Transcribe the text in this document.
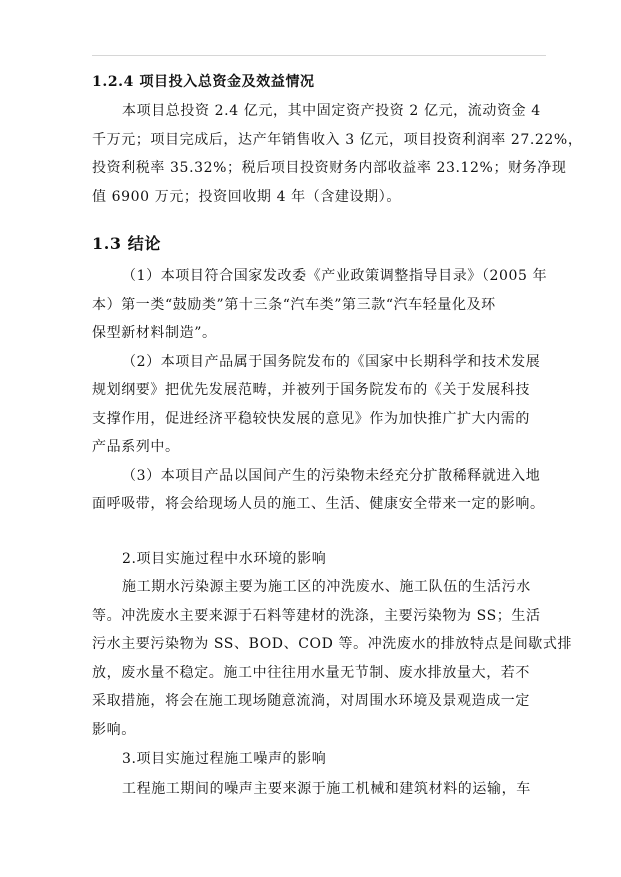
1.2.4 项目投入总资金及效益情况
本项目总投资 2.4 亿元，其中固定资产投资 2 亿元，流动资金 4
千万元；项目完成后，达产年销售收入 3 亿元，项目投资利润率 27.22%，
投资利税率 35.32%；税后项目投资财务内部收益率 23.12%；财务净现
值 6900 万元；投资回收期 4 年（含建设期）。
1.3 结论
（1）本项目符合国家发改委《产业政策调整指导目录》（2005 年
本）第一类“鼓励类”第十三条“汽车类”第三款“汽车轻量化及环
保型新材料制造”。
（2）本项目产品属于国务院发布的《国家中长期科学和技术发展
规划纲要》把优先发展范畴，并被列于国务院发布的《关于发展科技
支撑作用，促进经济平稳较快发展的意见》作为加快推广扩大内需的
产品系列中。
（3）本项目产品以国间产生的污染物未经充分扩散稀释就进入地
面呼吸带，将会给现场人员的施工、生活、健康安全带来一定的影响。
2.项目实施过程中水环境的影响
施工期水污染源主要为施工区的冲洗废水、施工队伍的生活污水
等。冲洗废水主要来源于石料等建材的洗涤，主要污染物为 SS；生活
污水主要污染物为 SS、BOD、COD 等。冲洗废水的排放特点是间歇式排
放，废水量不稳定。施工中往往用水量无节制、废水排放量大，若不
采取措施，将会在施工现场随意流淌，对周围水环境及景观造成一定
影响。
3.项目实施过程施工噪声的影响
工程施工期间的噪声主要来源于施工机械和建筑材料的运输，车
